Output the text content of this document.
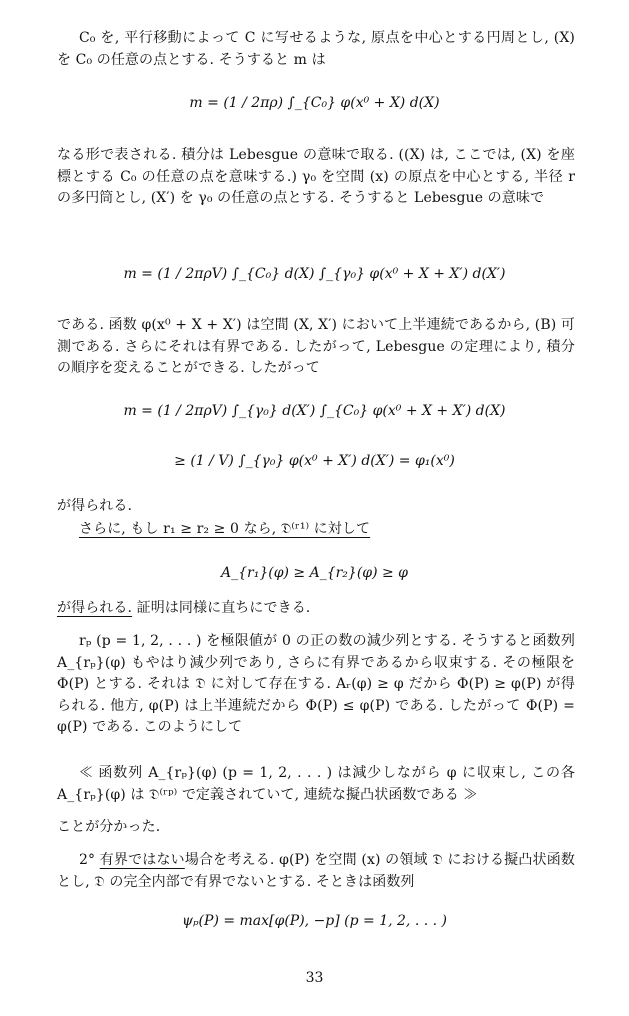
C₀ を, 平行移動によって C に写せるような, 原点を中心とする円周とし, (X) を C₀ の任意の点とする. そうすると m は

m = (1 / 2πρ) ∫_{C₀} φ(x⁰ + X) d(X)

なる形で表される. 積分は Lebesgue の意味で取る. ((X) は, ここでは, (X) を座標とする C₀ の任意の点を意味する.) γ₀ を空間 (x) の原点を中心とする, 半径 r の多円筒とし, (X′) を γ₀ の任意の点とする. そうすると Lebesgue の意味で

m = (1 / 2πρV) ∫_{C₀} d(X) ∫_{γ₀} φ(x⁰ + X + X′) d(X′)

である. 函数 φ(x⁰ + X + X′) は空間 (X, X′) において上半連続であるから, (B) 可測である. さらにそれは有界である. したがって, Lebesgue の定理により, 積分の順序を変えることができる. したがって

m = (1 / 2πρV) ∫_{γ₀} d(X′) ∫_{C₀} φ(x⁰ + X + X′) d(X)
≥ (1 / V) ∫_{γ₀} φ(x⁰ + X′) d(X′) = φ₁(x⁰)

が得られる.

さらに, もし r₁ ≥ r₂ ≥ 0 なら, 𝔇⁽ʳ¹⁾ に対して

A_{r₁}(φ) ≥ A_{r₂}(φ) ≥ φ

が得られる. 証明は同様に直ちにできる.

rₚ (p = 1, 2, . . . ) を極限値が 0 の正の数の減少列とする. そうすると函数列 A_{rₚ}(φ) もやはり減少列であり, さらに有界であるから収束する. その極限を Φ(P) とする. それは 𝔇 に対して存在する. Aᵣ(φ) ≥ φ だから Φ(P) ≥ φ(P) が得られる. 他方, φ(P) は上半連続だから Φ(P) ≤ φ(P) である. したがって Φ(P) = φ(P) である. このようにして

≪ 函数列 A_{rₚ}(φ) (p = 1, 2, . . . ) は減少しながら φ に収束し, この各 A_{rₚ}(φ) は 𝔇⁽ʳᵖ⁾ で定義されていて, 連続な擬凸状函数である ≫

ことが分かった.

2° 有界ではない場合を考える. φ(P) を空間 (x) の領域 𝔇 における擬凸状函数とし, 𝔇 の完全内部で有界でないとする. そときは函数列

ψₚ(P) = max[φ(P), −p] (p = 1, 2, . . . )
33
